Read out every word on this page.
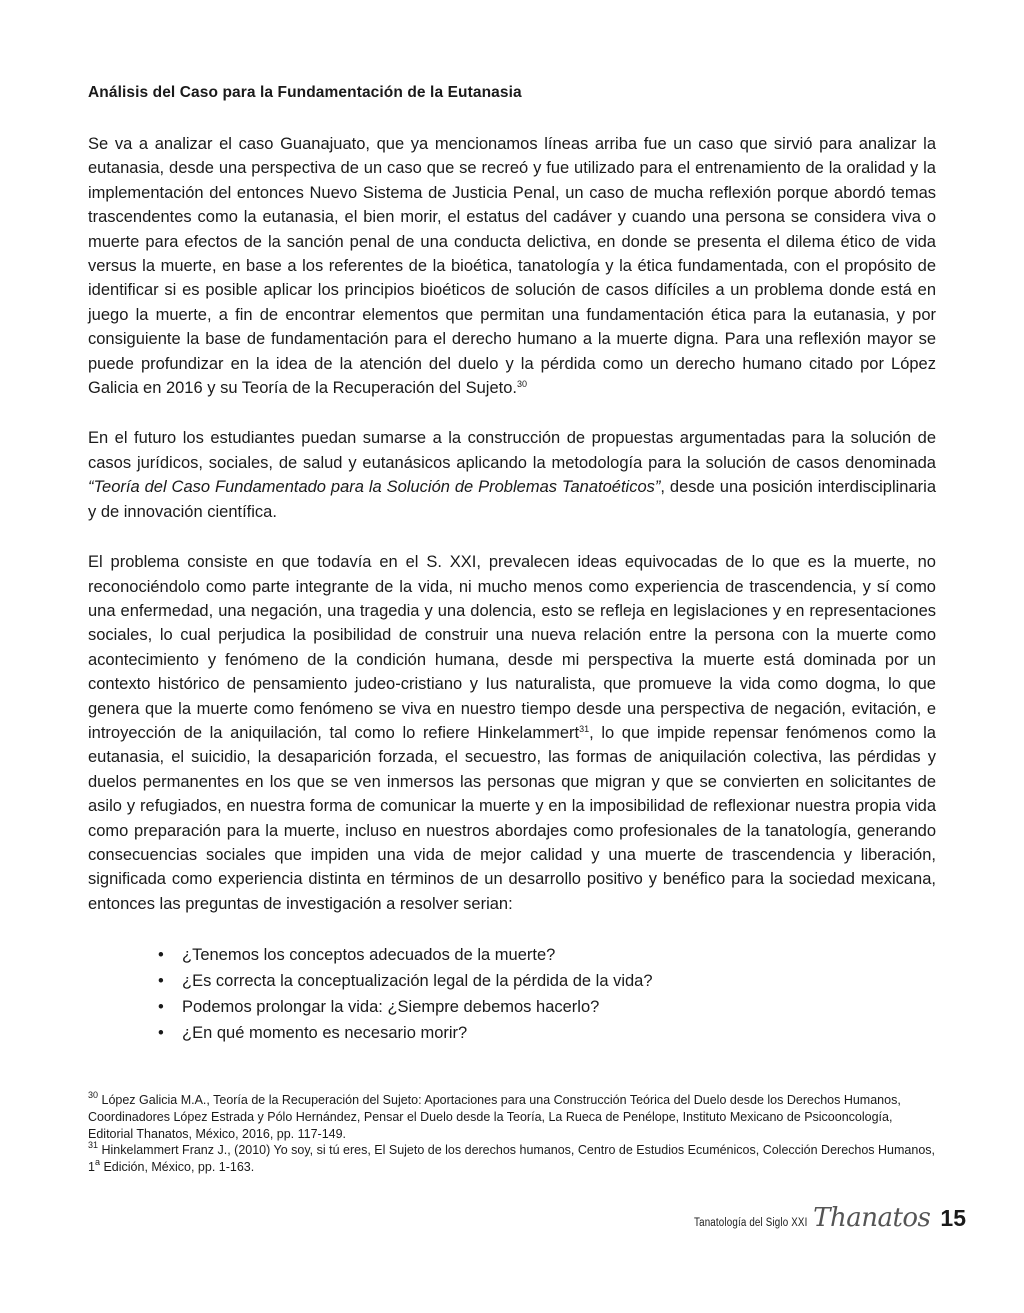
Análisis del Caso para la Fundamentación de la Eutanasia

Se va a analizar el caso Guanajuato, que ya mencionamos líneas arriba fue un caso que sirvió para analizar la eutanasia, desde una perspectiva de un caso que se recreó y fue utilizado para el entrenamiento de la oralidad y la implementación del entonces Nuevo Sistema de Justicia Penal, un caso de mucha reflexión porque abordó temas trascendentes como la eutanasia, el bien morir, el estatus del cadáver y cuando una persona se considera viva o muerte para efectos de la sanción penal de una conducta delictiva, en donde se presenta el dilema ético de vida versus la muerte, en base a los referentes de la bioética, tanatología y la ética fundamentada, con el propósito de identificar si es posible aplicar los principios bioéticos de solución de casos difíciles a un problema donde está en juego la muerte, a fin de encontrar elementos que permitan una fundamentación ética para la eutanasia, y por consiguiente la base de fundamentación para el derecho humano a la muerte digna. Para una reflexión mayor se puede profundizar en la idea de la atención del duelo y la pérdida como un derecho humano citado por López Galicia en 2016 y su Teoría de la Recuperación del Sujeto.$^{30}$

En el futuro los estudiantes puedan sumarse a la construcción de propuestas argumentadas para la solución de casos jurídicos, sociales, de salud y eutanásicos aplicando la metodología para la solución de casos denominada “Teoría del Caso Fundamentado para la Solución de Problemas Tanatoéticos”, desde una posición interdisciplinaria y de innovación científica.

El problema consiste en que todavía en el S. XXI, prevalecen ideas equivocadas de lo que es la muerte, no reconociéndolo como parte integrante de la vida, ni mucho menos como experiencia de trascendencia, y sí como una enfermedad, una negación, una tragedia y una dolencia, esto se refleja en legislaciones y en representaciones sociales, lo cual perjudica la posibilidad de construir una nueva relación entre la persona con la muerte como acontecimiento y fenómeno de la condición humana, desde mi perspectiva la muerte está dominada por un contexto histórico de pensamiento judeo-cristiano y Ius naturalista, que promueve la vida como dogma, lo que genera que la muerte como fenómeno se viva en nuestro tiempo desde una perspectiva de negación, evitación, e introyección de la aniquilación, tal como lo refiere Hinkelammert$^{31}$, lo que impide repensar fenómenos como la eutanasia, el suicidio, la desaparición forzada, el secuestro, las formas de aniquilación colectiva, las pérdidas y duelos permanentes en los que se ven inmersos las personas que migran y que se convierten en solicitantes de asilo y refugiados, en nuestra forma de comunicar la muerte y en la imposibilidad de reflexionar nuestra propia vida como preparación para la muerte, incluso en nuestros abordajes como profesionales de la tanatología, generando consecuencias sociales que impiden una vida de mejor calidad y una muerte de trascendencia y liberación, significada como experiencia distinta en términos de un desarrollo positivo y benéfico para la sociedad mexicana, entonces las preguntas de investigación a resolver serian:

• ¿Tenemos los conceptos adecuados de la muerte?
• ¿Es correcta la conceptualización legal de la pérdida de la vida?
• Podemos prolongar la vida: ¿Siempre debemos hacerlo?
• ¿En qué momento es necesario morir?

$^{30}$ López Galicia M.A., Teoría de la Recuperación del Sujeto: Aportaciones para una Construcción Teórica del Duelo desde los Derechos Humanos, Coordinadores López Estrada y Pólo Hernández, Pensar el Duelo desde la Teoría, La Rueca de Penélope, Instituto Mexicano de Psicooncología, Editorial Thanatos, México, 2016, pp. 117-149.

$^{31}$ Hinkelammert Franz J., (2010) Yo soy, si tú eres, El Sujeto de los derechos humanos, Centro de Estudios Ecuménicos, Colección Derechos Humanos, 1$^a$ Edición, México, pp. 1-163.

Tanatología del Siglo XXI Thanatos 15
